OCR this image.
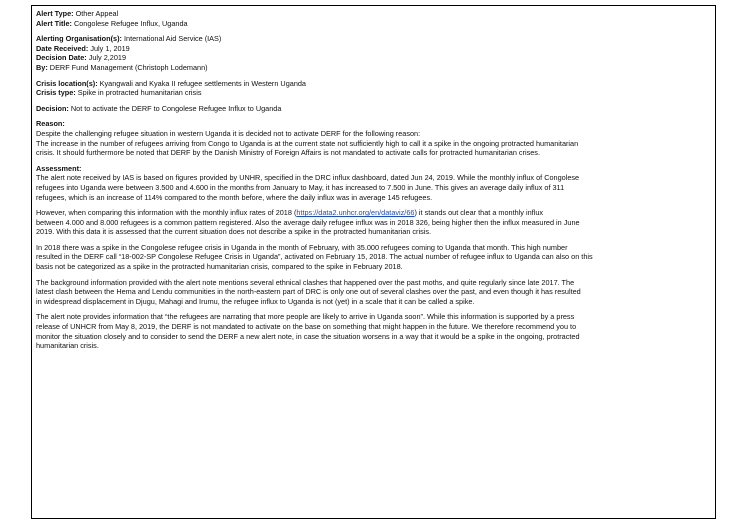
Alert Type: Other Appeal
Alert Title: Congolese Refugee Influx, Uganda
Alerting Organisation(s): International Aid Service (IAS)
Date Received: July 1, 2019
Decision Date: July 2,2019
By: DERF Fund Management (Christoph Lodemann)
Crisis location(s): Kyangwali and Kyaka II refugee settlements in Western Uganda
Crisis type: Spike in protracted humanitarian crisis
Decision: Not to activate the DERF to Congolese Refugee Influx to Uganda
Reason:
Despite the challenging refugee situation in western Uganda it is decided not to activate DERF for the following reason:
The increase in the number of refugees arriving from Congo to Uganda is at the current state not sufficiently high to call it a spike in the ongoing protracted humanitarian
crisis. It should furthermore be noted that DERF by the Danish Ministry of Foreign Affairs is not mandated to activate calls for protracted humanitarian crises.
Assessment:
The alert note received by IAS is based on figures provided by UNHR, specified in the DRC influx dashboard, dated Jun 24, 2019. While the monthly influx of Congolese
refugees into Uganda were between 3.500 and 4.600 in the months from January to May, it has increased to 7.500 in June. This gives an average daily influx of 311
refugees, which is an increase of 114% compared to the month before, where the daily influx was in average 145 refugees.
However, when comparing this information with the monthly influx rates of 2018 (https://data2.unhcr.org/en/dataviz/66) it stands out clear that a monthly influx
between 4.000 and 8.000 refugees is a common pattern registered. Also the average daily refugee influx was in 2018 326, being higher then the influx measured in June
2019. With this data it is assessed that the current situation does not describe a spike in the protracted humanitarian crisis.
In 2018 there was a spike in the Congolese refugee crisis in Uganda in the month of February, with 35.000 refugees coming to Uganda that month. This high number
resulted in the DERF call “18-002-SP Congolese Refugee Crisis in Uganda”, activated on February 15, 2018. The actual number of refugee influx to Uganda can also on this
basis not be categorized as a spike in the protracted humanitarian crisis, compared to the spike in February 2018.
The background information provided with the alert note mentions several ethnical clashes that happened over the past moths, and quite regularly since late 2017. The
latest clash between the Hema and Lendu communities in the north-eastern part of DRC is only one out of several clashes over the past, and even though it has resulted
in widespread displacement in Djugu, Mahagi and Irumu, the refugee influx to Uganda is not (yet) in a scale that it can be called a spike.
The alert note provides information that “the refugees are narrating that more people are likely to arrive in Uganda soon”. While this information is supported by a press
release of UNHCR from May 8, 2019, the DERF is not mandated to activate on the base on something that might happen in the future. We therefore recommend you to
monitor the situation closely and to consider to send the DERF a new alert note, in case the situation worsens in a way that it would be a spike in the ongoing, protracted
humanitarian crisis.
